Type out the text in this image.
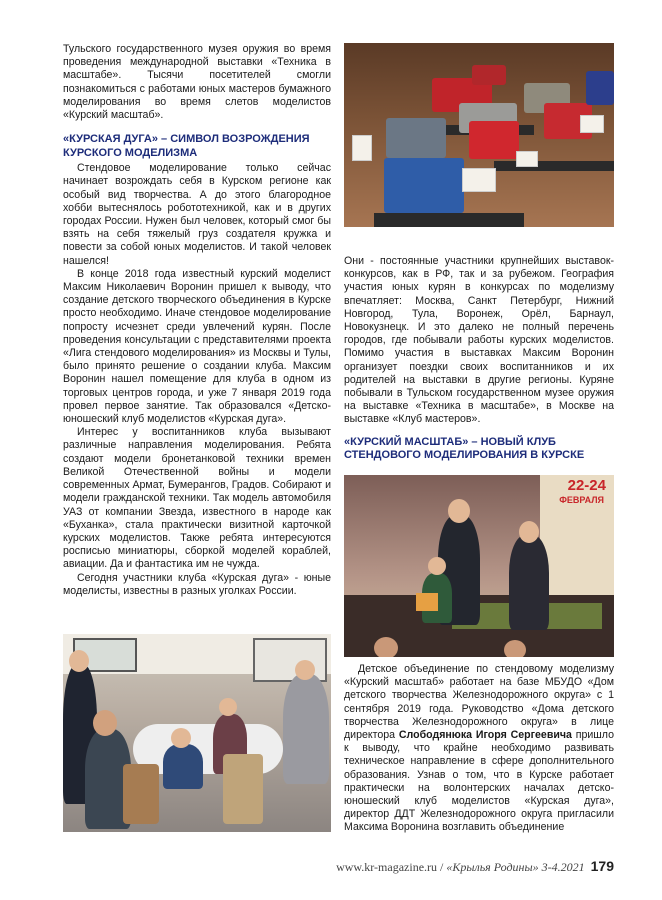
Тульского государственного музея оружия во время проведения международной выставки «Техника в масштабе». Тысячи посетителей смогли познакомиться с работами юных мастеров бумажного моделирования во время слетов моделистов «Курский масштаб».

«КУРСКАЯ ДУГА» – СИМВОЛ ВОЗРОЖДЕНИЯ КУРСКОГО МОДЕЛИЗМА

Стендовое моделирование только сейчас начинает возрождать себя в Курском регионе как особый вид творчества. А до этого благородное хобби вытеснялось робототехникой, как и в других городах России. Нужен был человек, который смог бы взять на себя тяжелый груз создателя кружка и повести за собой юных моделистов. И такой человек нашелся!

В конце 2018 года известный курский моделист Максим Николаевич Воронин пришел к выводу, что создание детского творческого объединения в Курске просто необходимо. Иначе стендовое моделирование попросту исчезнет среди увлечений курян. После проведения консультации с представителями проекта «Лига стендового моделирования» из Москвы и Тулы, было принято решение о создании клуба. Максим Воронин нашел помещение для клуба в одном из торговых центров города, и уже 7 января 2019 года провел первое занятие. Так образовался «Детско-юношеский клуб моделистов «Курская дуга».

Интерес у воспитанников клуба вызывают различные направления моделирования. Ребята создают модели бронетанковой техники времен Великой Отечественной войны и модели современных Армат, Бумерангов, Градов. Собирают и модели гражданской техники. Так модель автомобиля УАЗ от компании Звезда, известного в народе как «Буханка», стала практически визитной карточкой курских моделистов. Также ребята интересуются росписью миниатюры, сборкой моделей кораблей, авиации. Да и фантастика им не чужда.

Сегодня участники клуба «Курская дуга» - юные моделисты, известны в разных уголках России.

Они - постоянные участники крупнейших выставок-конкурсов, как в РФ, так и за рубежом. География участия юных курян в конкурсах по моделизму впечатляет: Москва, Санкт Петербург, Нижний Новгород, Тула, Воронеж, Орёл, Барнаул, Новокузнецк. И это далеко не полный перечень городов, где побывали работы курских моделистов. Помимо участия в выставках Максим Воронин организует поездки своих воспитанников и их родителей на выставки в другие регионы. Куряне побывали в Тульском государственном музее оружия на выставке «Техника в масштабе», в Москве на выставке «Клуб мастеров».

«КУРСКИЙ МАСШТАБ» – НОВЫЙ КЛУБ СТЕНДОВОГО МОДЕЛИРОВАНИЯ В КУРСКЕ
22-24
ФЕВРАЛЯ

Детское объединение по стендовому моделизму «Курский масштаб» работает на базе МБУДО «Дом детского творчества Железнодорожного округа» с 1 сентября 2019 года. Руководство «Дома детского творчества Железнодорожного округа» в лице директора Слободянюка Игоря Сергеевича пришло к выводу, что крайне необходимо развивать техническое направление в сфере дополнительного образования. Узнав о том, что в Курске работает практически на волонтерских началах детско-юношеский клуб моделистов «Курская дуга», директор ДДТ Железнодорожного округа пригласили Максима Воронина возглавить объединение

www.kr-magazine.ru / «Крылья Родины» 3-4.2021 179
